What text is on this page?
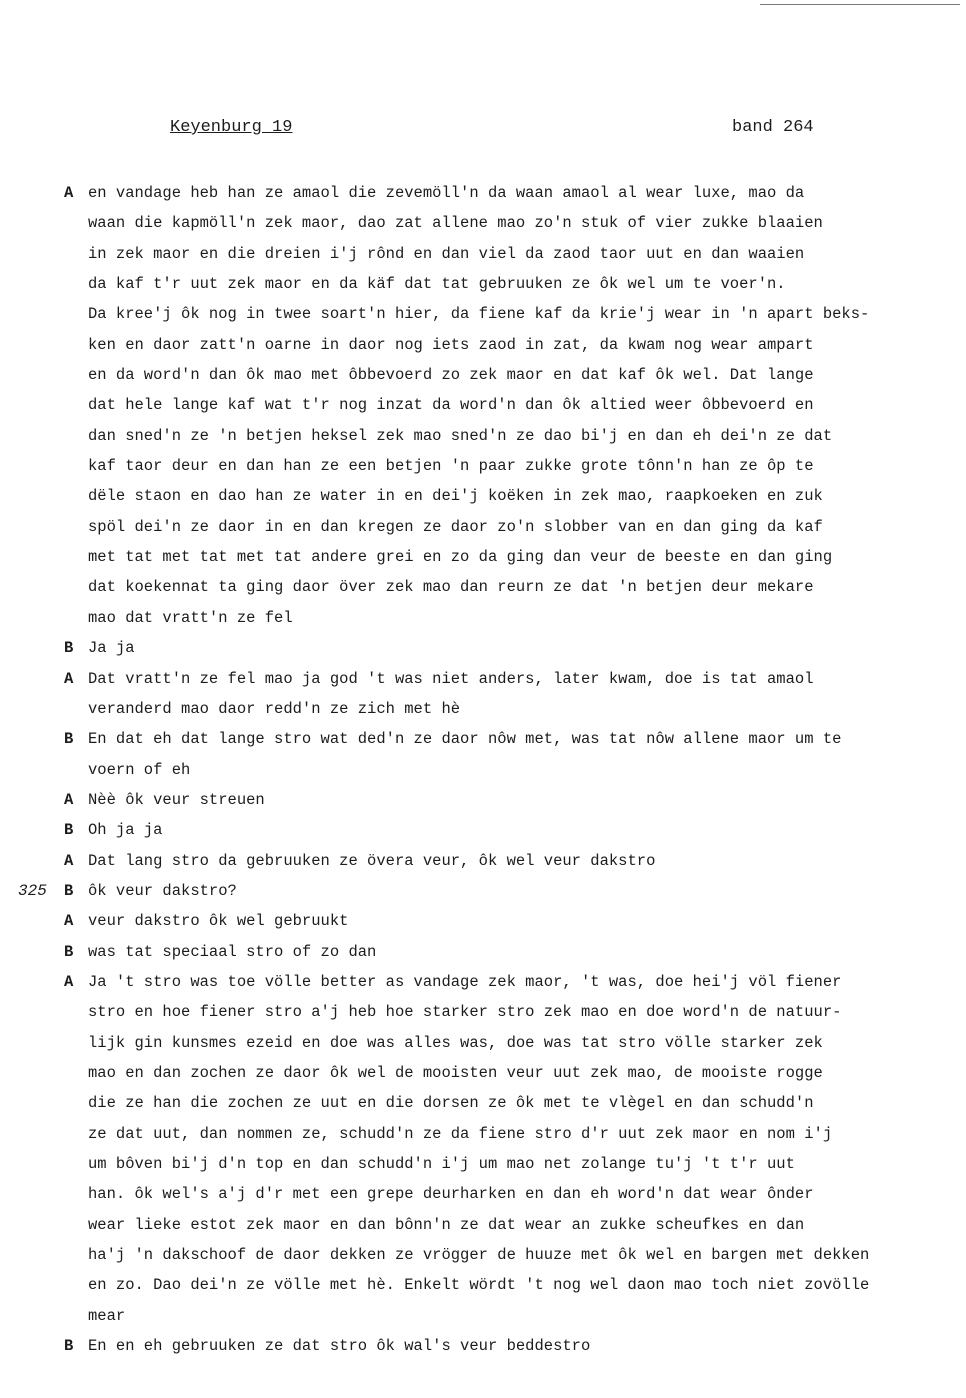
Keyenburg 19	band 264
A en vandage heb han ze amaol die zevemöll'n da waan amaol al wear luxe, mao da
waan die kapmöll'n zek maor, dao zat allene mao zo'n stuk of vier zukke blaaien
in zek maor en die dreien i'j rônd en dan viel da zaod taor uut en dan waaien
da kaf t'r uut zek maor en da käf dat tat gebruuken ze ôk wel um te voer'n.
Da kree'j ôk nog in twee soart'n hier, da fiene kaf da krie'j wear in 'n apart beks-
ken en daor zatt'n oarne in daor nog iets zaod in zat, da kwam nog wear ampart
en da word'n dan ôk mao met ôbbevoerd zo zek maor en dat kaf ôk wel. Dat lange
dat hele lange kaf wat t'r nog inzat da word'n dan ôk altied weer ôbbevoerd en
dan sned'n ze 'n betjen heksel zek mao sned'n ze dao bi'j en dan eh dei'n ze dat
kaf taor deur en dan han ze een betjen 'n paar zukke grote tônn'n han ze ôp te
dële staon en dao han ze water in en dei'j koëken in zek mao, raapkoeken en zuk
spöl dei'n ze daor in en dan kregen ze daor zo'n slobber van en dan ging da kaf
met tat met tat met tat andere grei en zo da ging dan veur de beeste en dan ging
dat koekennat ta ging daor över zek mao dan reurn ze dat 'n betjen deur mekare
mao dat vratt'n ze fel
B Ja ja
A Dat vratt'n ze fel mao ja god 't was niet anders, later kwam, doe is tat amaol
veranderd mao daor redd'n ze zich met hè
B En dat eh dat lange stro wat ded'n ze daor nôw met, was tat nôw allene maor um te
voern of eh
A Nèè ôk veur streuen
B Oh ja ja
A Dat lang stro da gebruuken ze övera veur, ôk wel veur dakstro
325	B ôk veur dakstro?
A veur dakstro ôk wel gebruukt
B was tat speciaal stro of zo dan
A Ja 't stro was toe völle better as vandage zek maor, 't was, doe hei'j völ fiener
stro en hoe fiener stro a'j heb hoe starker stro zek mao en doe word'n de natuur-
lijk gin kunsmes ezeid en doe was alles was, doe was tat stro völle starker zek
mao en dan zochen ze daor ôk wel de mooisten veur uut zek mao, de mooiste rogge
die ze han die zochen ze uut en die dorsen ze ôk met te vlègel en dan schudd'n
ze dat uut, dan nommen ze, schudd'n ze da fiene stro d'r uut zek maor en nom i'j
um bôven bi'j d'n top en dan schudd'n i'j um mao net zolange tu'j 't t'r uut
han. ôk wel's a'j d'r met een grepe deurharken en dan eh word'n dat wear ônder
wear lieke estot zek maor en dan bônn'n ze dat wear an zukke scheufkes en dan
ha'j 'n dakschoof de daor dekken ze vrögger de huuze met ôk wel en bargen met dekken
en zo. Dao dei'n ze völle met hè. Enkelt wördt 't nog wel daon mao toch niet zovölle
mear
B En en eh gebruuken ze dat stro ôk wal's veur beddestro
